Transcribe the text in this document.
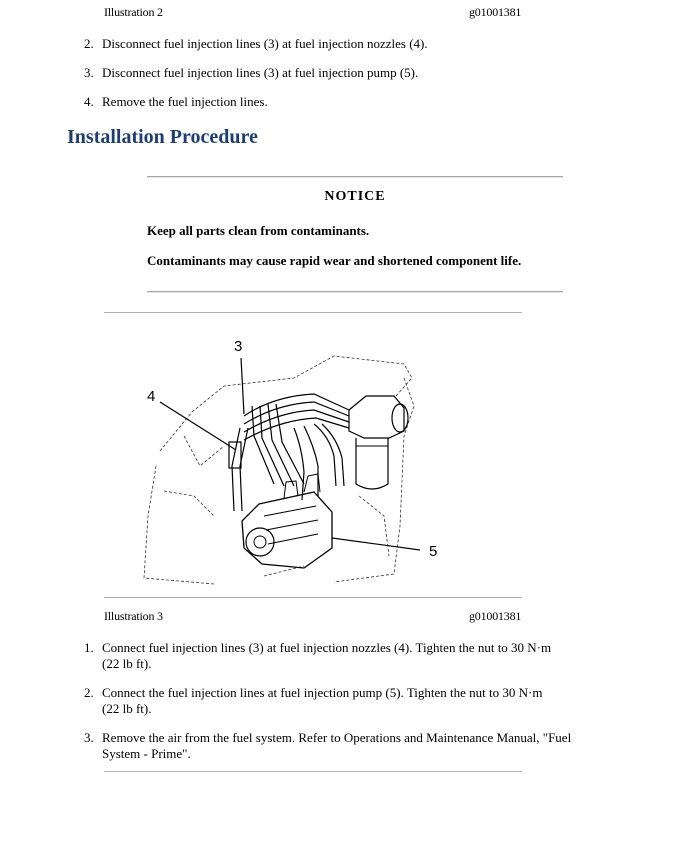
Illustration 2	g01001381
2. Disconnect fuel injection lines (3) at fuel injection nozzles (4).
3. Disconnect fuel injection lines (3) at fuel injection pump (5).
4. Remove the fuel injection lines.
Installation Procedure
NOTICE
Keep all parts clean from contaminants.
Contaminants may cause rapid wear and shortened component life.
3
4
5
Illustration 3	g01001381
1. Connect fuel injection lines (3) at fuel injection nozzles (4). Tighten the nut to 30 N·m
(22 lb ft).
2. Connect the fuel injection lines at fuel injection pump (5). Tighten the nut to 30 N·m
(22 lb ft).
3. Remove the air from the fuel system. Refer to Operations and Maintenance Manual, "Fuel
System - Prime".
